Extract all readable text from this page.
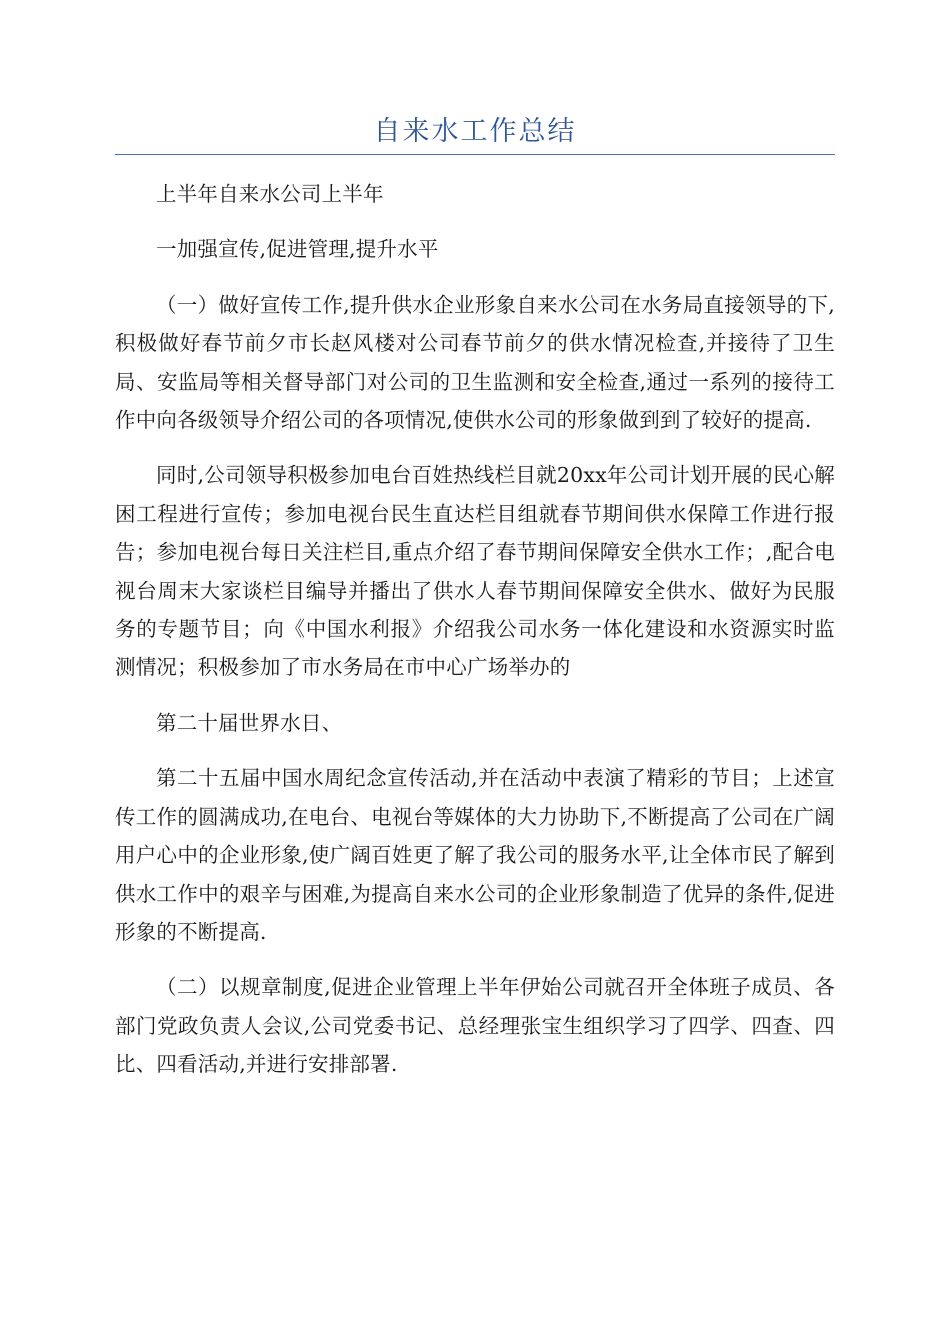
自来水工作总结

上半年自来水公司上半年

一加强宣传,促进管理,提升水平

（一）做好宣传工作,提升供水企业形象自来水公司在水务局直接领导的下,积极做好春节前夕市长赵风楼对公司春节前夕的供水情况检查,并接待了卫生局、安监局等相关督导部门对公司的卫生监测和安全检查,通过一系列的接待工作中向各级领导介绍公司的各项情况,使供水公司的形象做到到了较好的提高.

同时,公司领导积极参加电台百姓热线栏目就20xx年公司计划开展的民心解困工程进行宣传；参加电视台民生直达栏目组就春节期间供水保障工作进行报告；参加电视台每日关注栏目,重点介绍了春节期间保障安全供水工作；,配合电视台周末大家谈栏目编导并播出了供水人春节期间保障安全供水、做好为民服务的专题节目；向《中国水利报》介绍我公司水务一体化建设和水资源实时监测情况；积极参加了市水务局在市中心广场举办的

第二十届世界水日、

第二十五届中国水周纪念宣传活动,并在活动中表演了精彩的节目；上述宣传工作的圆满成功,在电台、电视台等媒体的大力协助下,不断提高了公司在广阔用户心中的企业形象,使广阔百姓更了解了我公司的服务水平,让全体市民了解到供水工作中的艰辛与困难,为提高自来水公司的企业形象制造了优异的条件,促进形象的不断提高.

（二）以规章制度,促进企业管理上半年伊始公司就召开全体班子成员、各部门党政负责人会议,公司党委书记、总经理张宝生组织学习了四学、四查、四比、四看活动,并进行安排部署.
